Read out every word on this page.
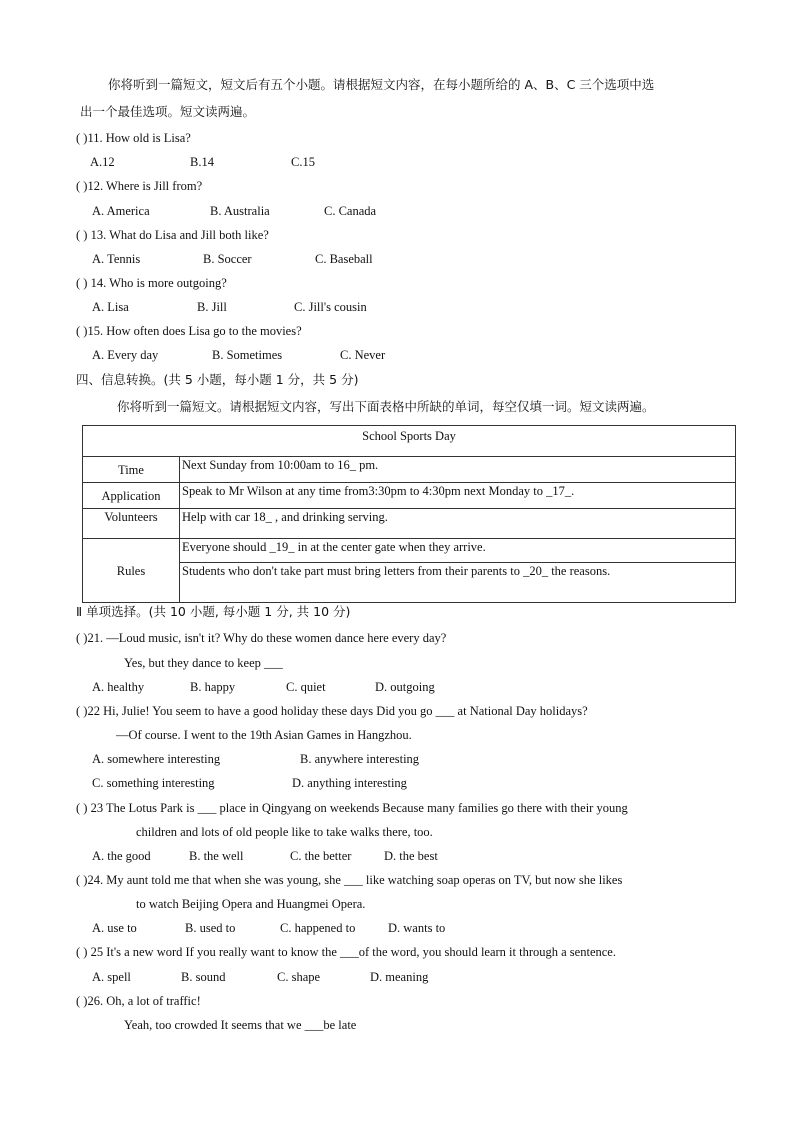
你将听到一篇短文，短文后有五个小题。请根据短文内容，在每小题所给的 A、B、C 三个选项中选
出一个最佳选项。短文读两遍。
( )11. How old is Lisa?
A.12	B.14	C.15
( )12. Where is Jill from?
A. America	B. Australia	C. Canada
( ) 13. What do Lisa and Jill both like?
A. Tennis	B. Soccer	C. Baseball
( ) 14. Who is more outgoing?
A. Lisa	B. Jill	C. Jill's cousin
( )15. How often does Lisa go to the movies?
A. Every day	B. Sometimes	C. Never
四、信息转换。(共 5 小题，每小题 1 分，共 5 分)
你将听到一篇短文。请根据短文内容，写出下面表格中所缺的单词，每空仅填一词。短文读两遍。
School Sports Day	
Time	Next Sunday from 10:00am to 16_ pm.
Application	Speak to Mr Wilson at any time from3:30pm to 4:30pm next Monday to _17_.
Volunteers	Help with car 18_ , and drinking serving.
Rules	Everyone should _19_ in at the center gate when they arrive.
	Students who don't take part must bring letters from their parents to _20_ the reasons.
Ⅱ 单项选择。(共 10 小题, 每小题 1 分, 共 10 分)
( )21. —Loud music, isn't it? Why do these women dance here every day?
Yes, but they dance to keep ___
A. healthy	B. happy	C. quiet	D. outgoing
( )22 Hi, Julie! You seem to have a good holiday these days Did you go ___ at National Day holidays?
—Of course. I went to the 19th Asian Games in Hangzhou.
A. somewhere interesting	B. anywhere interesting
C. something interesting	D. anything interesting
( ) 23 The Lotus Park is ___ place in Qingyang on weekends Because many families go there with their young
children and lots of old people like to take walks there, too.
A. the good	B. the well	C. the better	D. the best
( )24. My aunt told me that when she was young, she ___ like watching soap operas on TV, but now she likes
to watch Beijing Opera and Huangmei Opera.
A. use to	B. used to	C. happened to	D. wants to
( ) 25 It's a new word If you really want to know the ___of the word, you should learn it through a sentence.
A. spell	B. sound	C. shape	D. meaning
( )26. Oh, a lot of traffic!
Yeah, too crowded It seems that we ___be late
